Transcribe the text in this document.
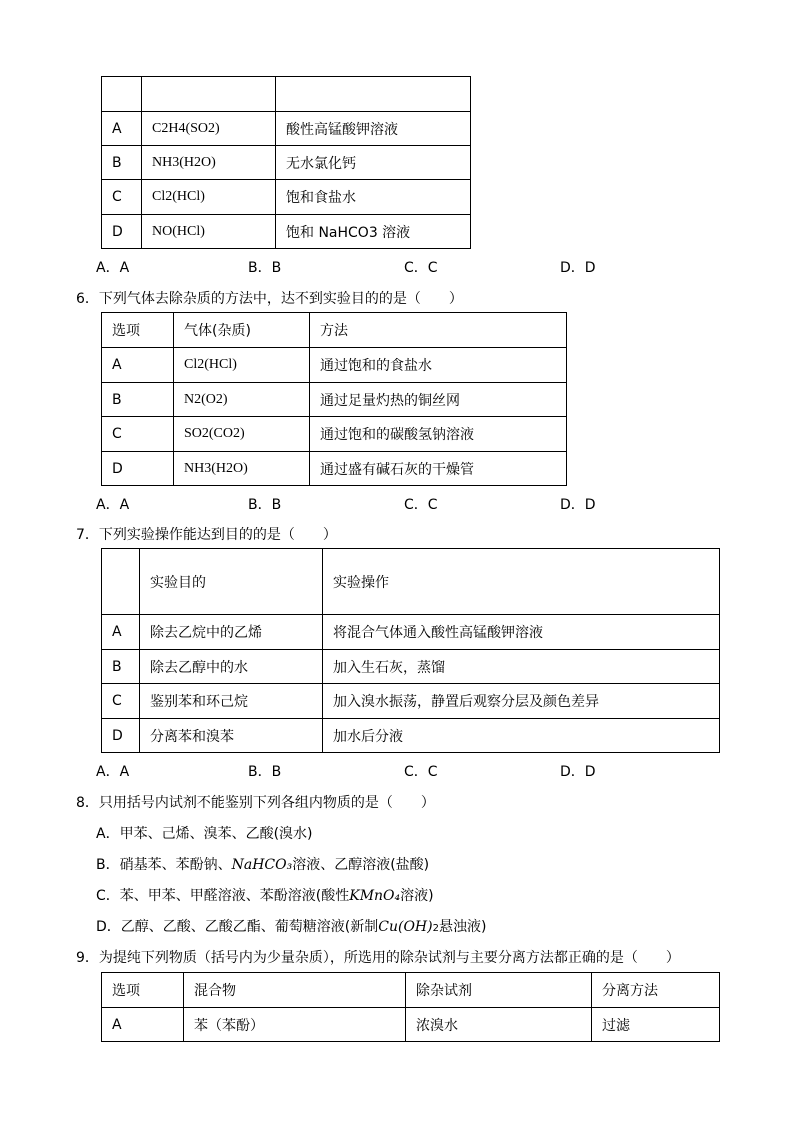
A	C2H4(SO2)	酸性高锰酸钾溶液
B	NH3(H2O)	无水氯化钙
C	Cl2(HCl)	饱和食盐水
D	NO(HCl)	饱和 NaHCO3 溶液
A．A	B．B	C．C	D．D
6．下列气体去除杂质的方法中，达不到实验目的的是（　　）
选项	气体(杂质)	方法
A	Cl2(HCl)	通过饱和的食盐水
B	N2(O2)	通过足量灼热的铜丝网
C	SO2(CO2)	通过饱和的碳酸氢钠溶液
D	NH3(H2O)	通过盛有碱石灰的干燥管
A．A	B．B	C．C	D．D
7．下列实验操作能达到目的的是（　　）
	实验目的	实验操作
A	除去乙烷中的乙烯	将混合气体通入酸性高锰酸钾溶液
B	除去乙醇中的水	加入生石灰，蒸馏
C	鉴别苯和环己烷	加入溴水振荡，静置后观察分层及颜色差异
D	分离苯和溴苯	加水后分液
A．A	B．B	C．C	D．D
8．只用括号内试剂不能鉴别下列各组内物质的是（　　）
A．甲苯、己烯、溴苯、乙酸(溴水)
B．硝基苯、苯酚钠、NaHCO₃溶液、乙醇溶液(盐酸)
C．苯、甲苯、甲醛溶液、苯酚溶液(酸性KMnO₄溶液)
D．乙醇、乙酸、乙酸乙酯、葡萄糖溶液(新制Cu(OH)2悬浊液)
9．为提纯下列物质（括号内为少量杂质），所选用的除杂试剂与主要分离方法都正确的是（　　）
选项	混合物	除杂试剂	分离方法
A	苯（苯酚）	浓溴水	过滤
